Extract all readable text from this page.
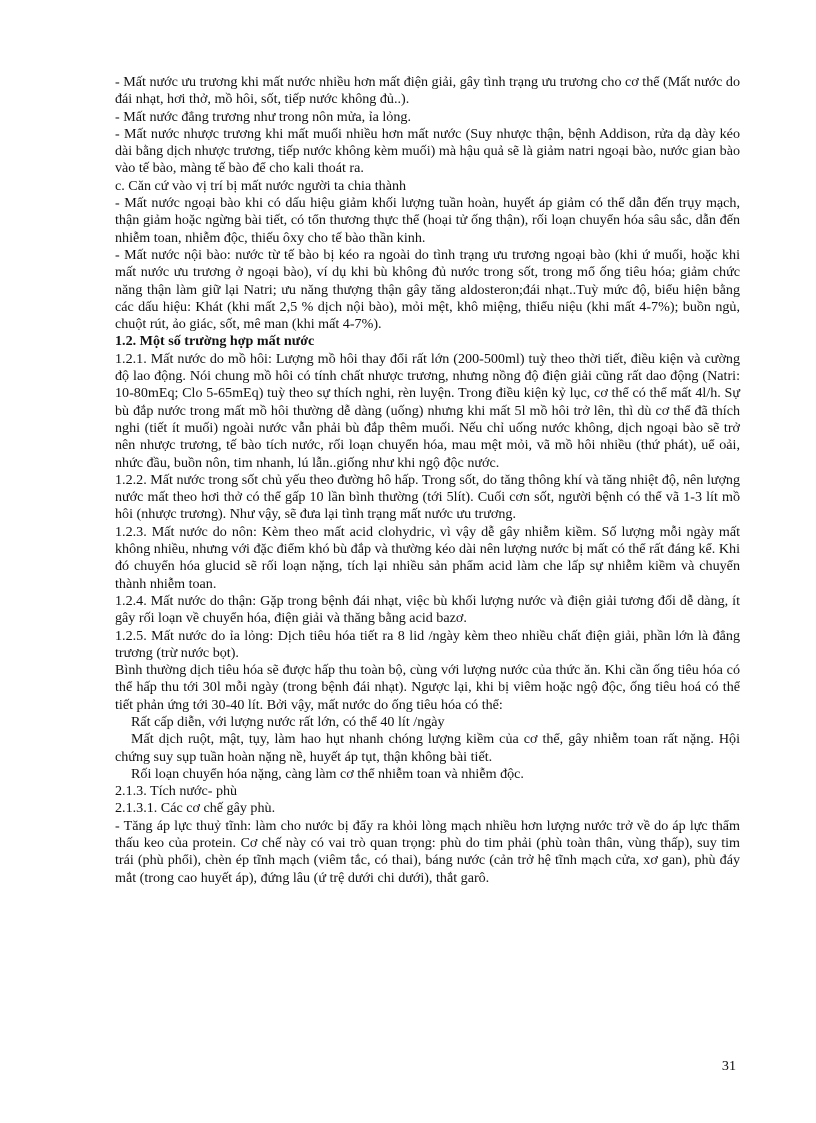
- Mất nước ưu trương khi mất nước nhiều hơn mất điện giải, gây tình trạng ưu trương cho cơ thể (Mất nước do đái nhạt, hơi thở, mồ hôi, sốt, tiếp nước không đủ..).

- Mất nước đẳng trương như trong nôn mửa, ỉa lỏng.

- Mất nước nhược trương khi mất muối nhiều hơn mất nước (Suy nhược thận, bệnh Addison, rửa dạ dày kéo dài bằng dịch nhược trương, tiếp nước không kèm muối) mà hậu quả sẽ là giảm natri ngoại bào, nước gian bào vào tế bào, màng tế bào để cho kali thoát ra.

c. Căn cứ vào vị trí bị mất nước người ta chia thành

- Mất nước ngoại bào khi có dấu hiệu giảm khối lượng tuần hoàn, huyết áp giảm có thể dẫn đến trụy mạch, thận giảm hoặc ngừng bài tiết, có tổn thương thực thể (hoại tử ống thận), rối loạn chuyển hóa sâu sắc, dẫn đến nhiễm toan, nhiễm độc, thiếu ôxy cho tế bào thần kinh.

- Mất nước nội bào: nước từ tế bào bị kéo ra ngoài do tình trạng ưu trương ngoại bào (khi ứ muối, hoặc khi mất nước ưu trương ở ngoại bào), ví dụ khi bù không đủ nước trong sốt, trong mổ ống tiêu hóa; giảm chức năng thận làm giữ lại Natri; ưu năng thượng thận gây tăng aldosteron;đái nhạt..Tuỳ mức độ, biểu hiện bằng các dấu hiệu: Khát (khi mất 2,5 % dịch nội bào), mỏi mệt, khô miệng, thiểu niệu (khi mất 4-7%); buồn ngủ, chuột rút, ảo giác, sốt, mê man (khi mất 4-7%).

1.2. Một số trường hợp mất nước

1.2.1. Mất nước do mồ hôi: Lượng mồ hôi thay đổi rất lớn (200-500ml) tuỳ theo thời tiết, điều kiện và cường độ lao động. Nói chung mồ hôi có tính chất nhược trương, nhưng nồng độ điện giải cũng rất dao động (Natri: 10-80mEq; Clo 5-65mEq) tuỳ theo sự thích nghi, rèn luyện. Trong điều kiện kỷ lục, cơ thể có thể mất 4l/h. Sự bù đắp nước trong mất mồ hôi thường dễ dàng (uống) nhưng khi mất 5l mồ hôi trở lên, thì dù cơ thể đã thích nghi (tiết ít muối) ngoài nước vẫn phải bù đắp thêm muối. Nếu chỉ uống nước không, dịch ngoại bào sẽ trở nên nhược trương, tế bào tích nước, rối loạn chuyển hóa, mau mệt mỏi, vã mồ hôi nhiều (thứ phát), uể oải, nhức đầu, buồn nôn, tim nhanh, lú lẫn..giống như khi ngộ độc nước.

1.2.2. Mất nước trong sốt chủ yếu theo đường hô hấp. Trong sốt, do tăng thông khí và tăng nhiệt độ, nên lượng nước mất theo hơi thở có thể gấp 10 lần bình thường (tới 5lít). Cuối cơn sốt, người bệnh có thể vã 1-3 lít mồ hôi (nhược trương). Như vậy, sẽ đưa lại tình trạng mất nước ưu trương.

1.2.3. Mất nước do nôn: Kèm theo mất acid clohydric, vì vậy dễ gây nhiễm kiềm. Số lượng mỗi ngày mất không nhiều, nhưng với đặc điểm khó bù đắp và thường kéo dài nên lượng nước bị mất có thể rất đáng kể. Khi đó chuyển hóa glucid sẽ rối loạn nặng, tích lại nhiều sản phẩm acid làm che lấp sự nhiễm kiềm và chuyển thành nhiễm toan.

1.2.4. Mất nước do thận: Gặp trong bệnh đái nhạt, việc bù khối lượng nước và điện giải tương đối dễ dàng, ít gây rối loạn về chuyển hóa, điện giải và thăng bằng acid bazơ.

1.2.5. Mất nước do ỉa lỏng: Dịch tiêu hóa tiết ra 8 lid /ngày kèm theo nhiều chất điện giải, phần lớn là đẳng trương (trừ nước bọt).

Bình thường dịch tiêu hóa sẽ được hấp thu toàn bộ, cùng với lượng nước của thức ăn. Khi cần ống tiêu hóa có thể hấp thu tới 30l mỗi ngày (trong bệnh đái nhạt). Ngược lại, khi bị viêm hoặc ngộ độc, ống tiêu hoá có thể tiết phản ứng tới 30-40 lít. Bởi vậy, mất nước do ống tiêu hóa có thể:

Rất cấp diễn, với lượng nước rất lớn, có thể 40 lít /ngày

Mất dịch ruột, mật, tụy, làm hao hụt nhanh chóng lượng kiềm của cơ thể, gây nhiễm toan rất nặng. Hội chứng suy sụp tuần hoàn nặng nề, huyết áp tụt, thận không bài tiết.

Rối loạn chuyển hóa nặng, càng làm cơ thể nhiễm toan và nhiễm độc.

2.1.3. Tích nước- phù

2.1.3.1. Các cơ chế gây phù.

- Tăng áp lực thuỷ tĩnh: làm cho nước bị đẩy ra khỏi lòng mạch nhiều hơn lượng nước trở về do áp lực thẩm thấu keo của protein. Cơ chế này có vai trò quan trọng: phù do tim phải (phù toàn thân, vùng thấp), suy tim trái (phù phổi), chèn ép tĩnh mạch (viêm tắc, có thai), báng nước (cản trở hệ tĩnh mạch cửa, xơ gan), phù đáy mắt (trong cao huyết áp), đứng lâu (ứ trệ dưới chi dưới), thắt garô.

31
